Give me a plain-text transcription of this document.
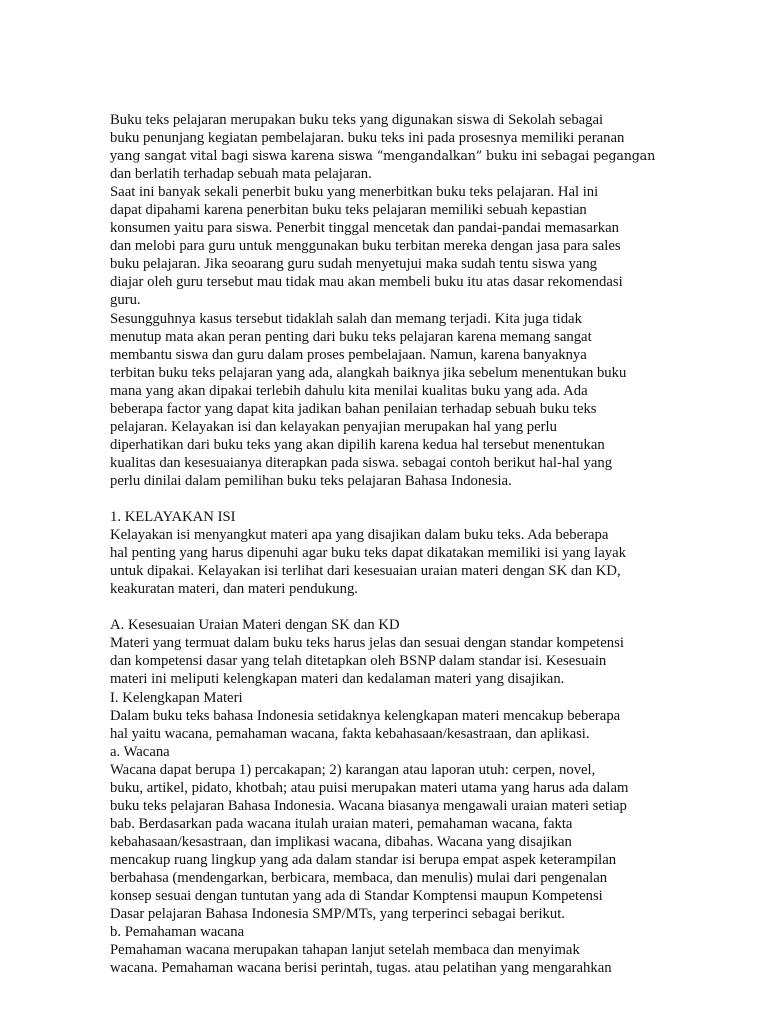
Buku teks pelajaran merupakan buku teks yang digunakan siswa di Sekolah sebagai
buku penunjang kegiatan pembelajaran. buku teks ini pada prosesnya memiliki peranan
yang sangat vital bagi siswa karena siswa “mengandalkan” buku ini sebagai pegangan
dan berlatih terhadap sebuah mata pelajaran.
Saat ini banyak sekali penerbit buku yang menerbitkan buku teks pelajaran. Hal ini
dapat dipahami karena penerbitan buku teks pelajaran memiliki sebuah kepastian
konsumen yaitu para siswa. Penerbit tinggal mencetak dan pandai-pandai memasarkan
dan melobi para guru untuk menggunakan buku terbitan mereka dengan jasa para sales
buku pelajaran. Jika seoarang guru sudah menyetujui maka sudah tentu siswa yang
diajar oleh guru tersebut mau tidak mau akan membeli buku itu atas dasar rekomendasi
guru.
Sesungguhnya kasus tersebut tidaklah salah dan memang terjadi. Kita juga tidak
menutup mata akan peran penting dari buku teks pelajaran karena memang sangat
membantu siswa dan guru dalam proses pembelajaan. Namun, karena banyaknya
terbitan buku teks pelajaran yang ada, alangkah baiknya jika sebelum menentukan buku
mana yang akan dipakai terlebih dahulu kita menilai kualitas buku yang ada. Ada
beberapa factor yang dapat kita jadikan bahan penilaian terhadap sebuah buku teks
pelajaran. Kelayakan isi dan kelayakan penyajian merupakan hal yang perlu
diperhatikan dari buku teks yang akan dipilih karena kedua hal tersebut menentukan
kualitas dan kesesuaianya diterapkan pada siswa. sebagai contoh berikut hal-hal yang
perlu dinilai dalam pemilihan buku teks pelajaran Bahasa Indonesia.
1. KELAYAKAN ISI
Kelayakan isi menyangkut materi apa yang disajikan dalam buku teks. Ada beberapa
hal penting yang harus dipenuhi agar buku teks dapat dikatakan memiliki isi yang layak
untuk dipakai. Kelayakan isi terlihat dari kesesuaian uraian materi dengan SK dan KD,
keakuratan materi, dan materi pendukung.
A. Kesesuaian Uraian Materi dengan SK dan KD
Materi yang termuat dalam buku teks harus jelas dan sesuai dengan standar kompetensi
dan kompetensi dasar yang telah ditetapkan oleh BSNP dalam standar isi. Kesesuain
materi ini meliputi kelengkapan materi dan kedalaman materi yang disajikan.
I. Kelengkapan Materi
Dalam buku teks bahasa Indonesia setidaknya kelengkapan materi mencakup beberapa
hal yaitu wacana, pemahaman wacana, fakta kebahasaan/kesastraan, dan aplikasi.
a. Wacana
Wacana dapat berupa 1) percakapan; 2) karangan atau laporan utuh: cerpen, novel,
buku, artikel, pidato, khotbah; atau puisi merupakan materi utama yang harus ada dalam
buku teks pelajaran Bahasa Indonesia. Wacana biasanya mengawali uraian materi setiap
bab. Berdasarkan pada wacana itulah uraian materi, pemahaman wacana, fakta
kebahasaan/kesastraan, dan implikasi wacana, dibahas. Wacana yang disajikan
mencakup ruang lingkup yang ada dalam standar isi berupa empat aspek keterampilan
berbahasa (mendengarkan, berbicara, membaca, dan menulis) mulai dari pengenalan
konsep sesuai dengan tuntutan yang ada di Standar Komptensi maupun Kompetensi
Dasar pelajaran Bahasa Indonesia SMP/MTs, yang terperinci sebagai berikut.
b. Pemahaman wacana
Pemahaman wacana merupakan tahapan lanjut setelah membaca dan menyimak
wacana. Pemahaman wacana berisi perintah, tugas. atau pelatihan yang mengarahkan
